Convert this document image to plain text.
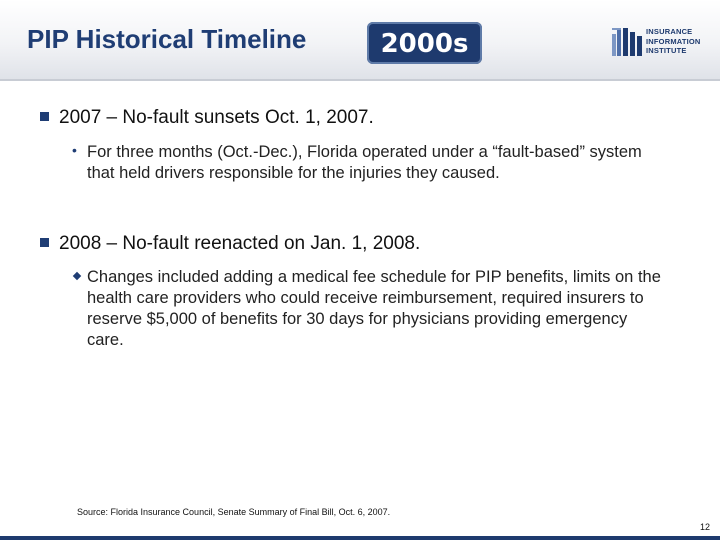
PIP Historical Timeline	2000s	INSURANCE
INFORMATION
INSTITUTE
2007 – No-fault sunsets Oct. 1, 2007.
• For three months (Oct.-Dec.), Florida operated under a “fault-based” system that held drivers responsible for the injuries they caused.
2008 – No-fault reenacted on Jan. 1, 2008.
Changes included adding a medical fee schedule for PIP benefits, limits on the health care providers who could receive reimbursement, required insurers to reserve $5,000 of benefits for 30 days for physicians providing emergency care.
Source: Florida Insurance Council, Senate Summary of Final Bill, Oct. 6, 2007.
12
